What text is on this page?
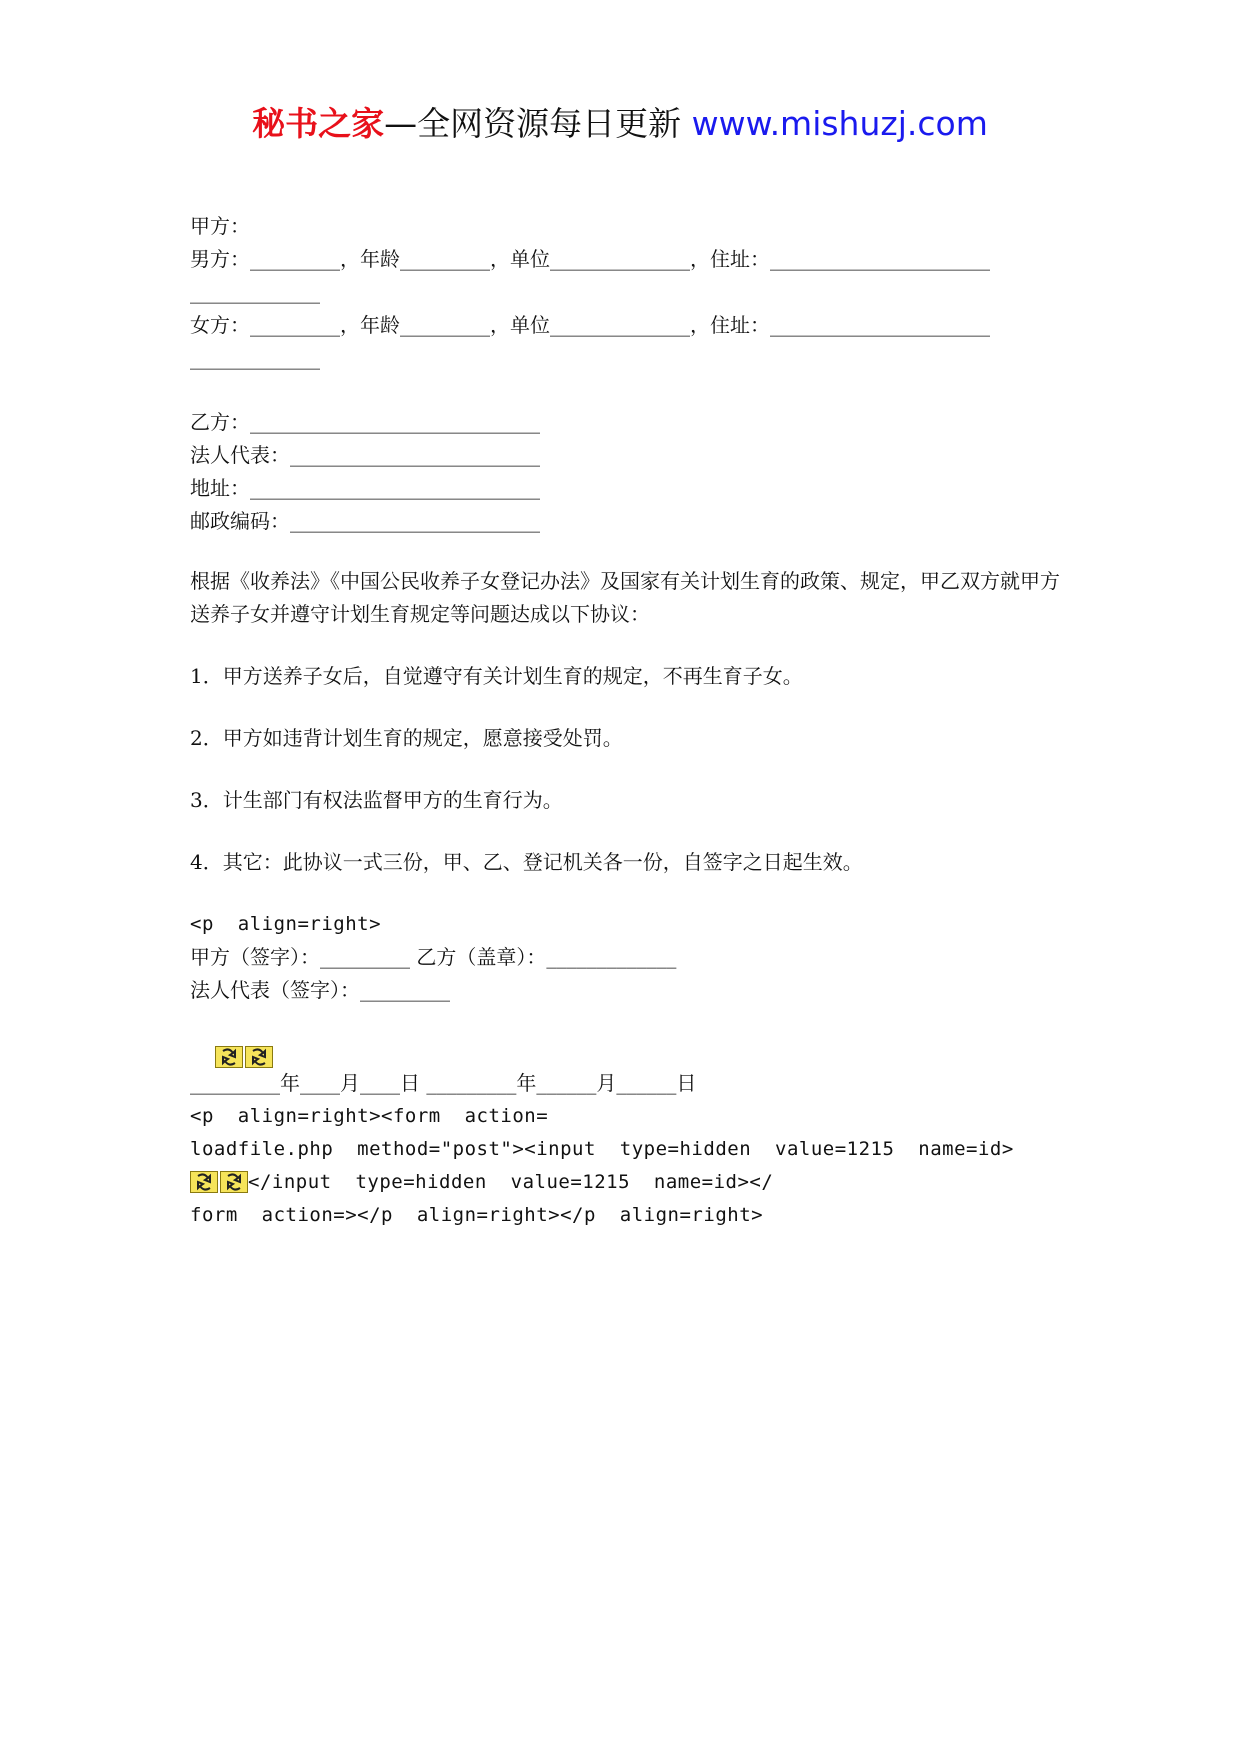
秘书之家—全网资源每日更新 www.mishuzj.com
甲方：
男方：_________，年龄_________，单位______________，住址：______________________
_____________
女方：_________，年龄_________，单位______________，住址：______________________
_____________
乙方：_____________________________
法人代表：_________________________
地址：_____________________________
邮政编码：_________________________
根据《收养法》《中国公民收养子女登记办法》及国家有关计划生育的政策、规定，甲乙双方就甲方送养子女并遵守计划生育规定等问题达成以下协议：
1．甲方送养子女后，自觉遵守有关计划生育的规定，不再生育子女。
2．甲方如违背计划生育的规定，愿意接受处罚。
3．计生部门有权法监督甲方的生育行为。
4．其它：此协议一式三份，甲、乙、登记机关各一份，自签字之日起生效。
<p  align=right>
甲方（签字）：_________ 乙方（盖章）：_____________
法人代表（签字）：_________

_________年____月____日 _________年______月______日
<p  align=right><form  action=
loadfile.php  method="post"><input  type=hidden  value=1215  name=id>
</input  type=hidden  value=1215  name=id></
form  action=></p  align=right></p  align=right>
